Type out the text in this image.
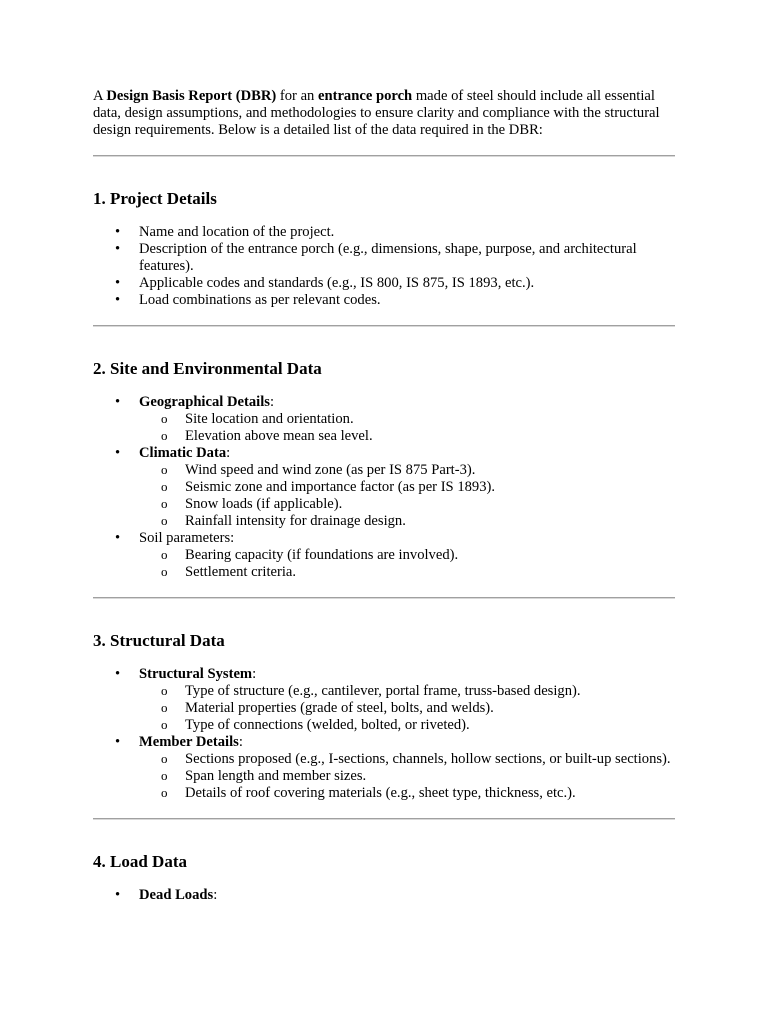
A Design Basis Report (DBR) for an entrance porch made of steel should include all essential data, design assumptions, and methodologies to ensure clarity and compliance with the structural design requirements. Below is a detailed list of the data required in the DBR:

1. Project Details
• Name and location of the project.
• Description of the entrance porch (e.g., dimensions, shape, purpose, and architectural features).
• Applicable codes and standards (e.g., IS 800, IS 875, IS 1893, etc.).
• Load combinations as per relevant codes.
2. Site and Environmental Data
• Geographical Details:
o Site location and orientation.
o Elevation above mean sea level.
• Climatic Data:
o Wind speed and wind zone (as per IS 875 Part-3).
o Seismic zone and importance factor (as per IS 1893).
o Snow loads (if applicable).
o Rainfall intensity for drainage design.
• Soil parameters:
o Bearing capacity (if foundations are involved).
o Settlement criteria.
3. Structural Data
• Structural System:
o Type of structure (e.g., cantilever, portal frame, truss-based design).
o Material properties (grade of steel, bolts, and welds).
o Type of connections (welded, bolted, or riveted).
• Member Details:
o Sections proposed (e.g., I-sections, channels, hollow sections, or built-up sections).
o Span length and member sizes.
o Details of roof covering materials (e.g., sheet type, thickness, etc.).
4. Load Data
• Dead Loads:
